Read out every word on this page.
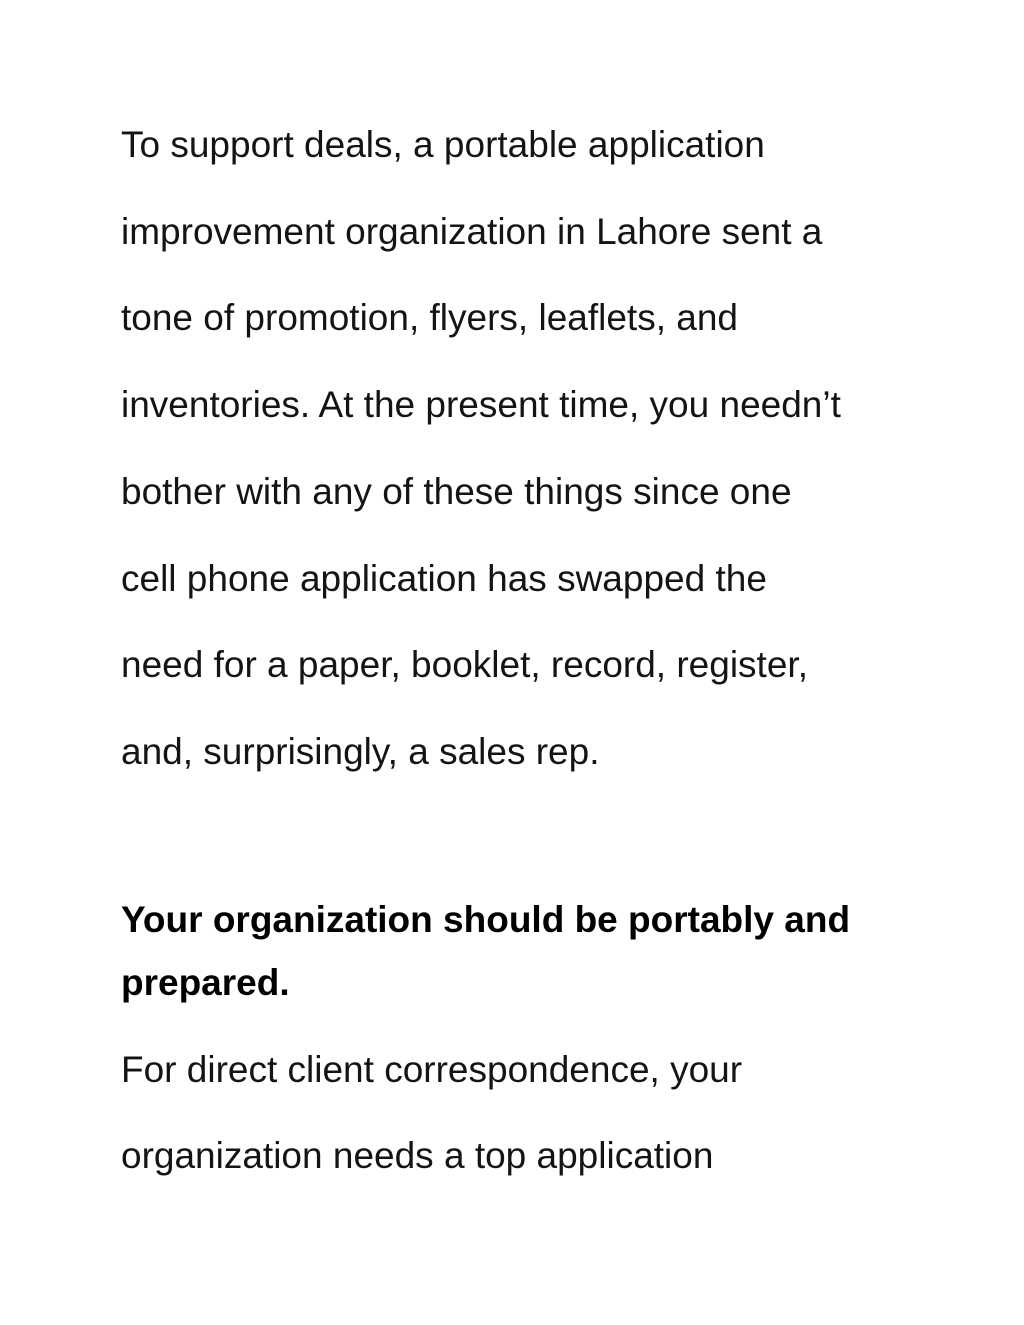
To support deals, a portable application
improvement organization in Lahore sent a
tone of promotion, flyers, leaflets, and
inventories. At the present time, you needn’t
bother with any of these things since one
cell phone application has swapped the
need for a paper, booklet, record, register,
and, surprisingly, a sales rep.
Your organization should be portably and
prepared.
For direct client correspondence, your
organization needs a top application
